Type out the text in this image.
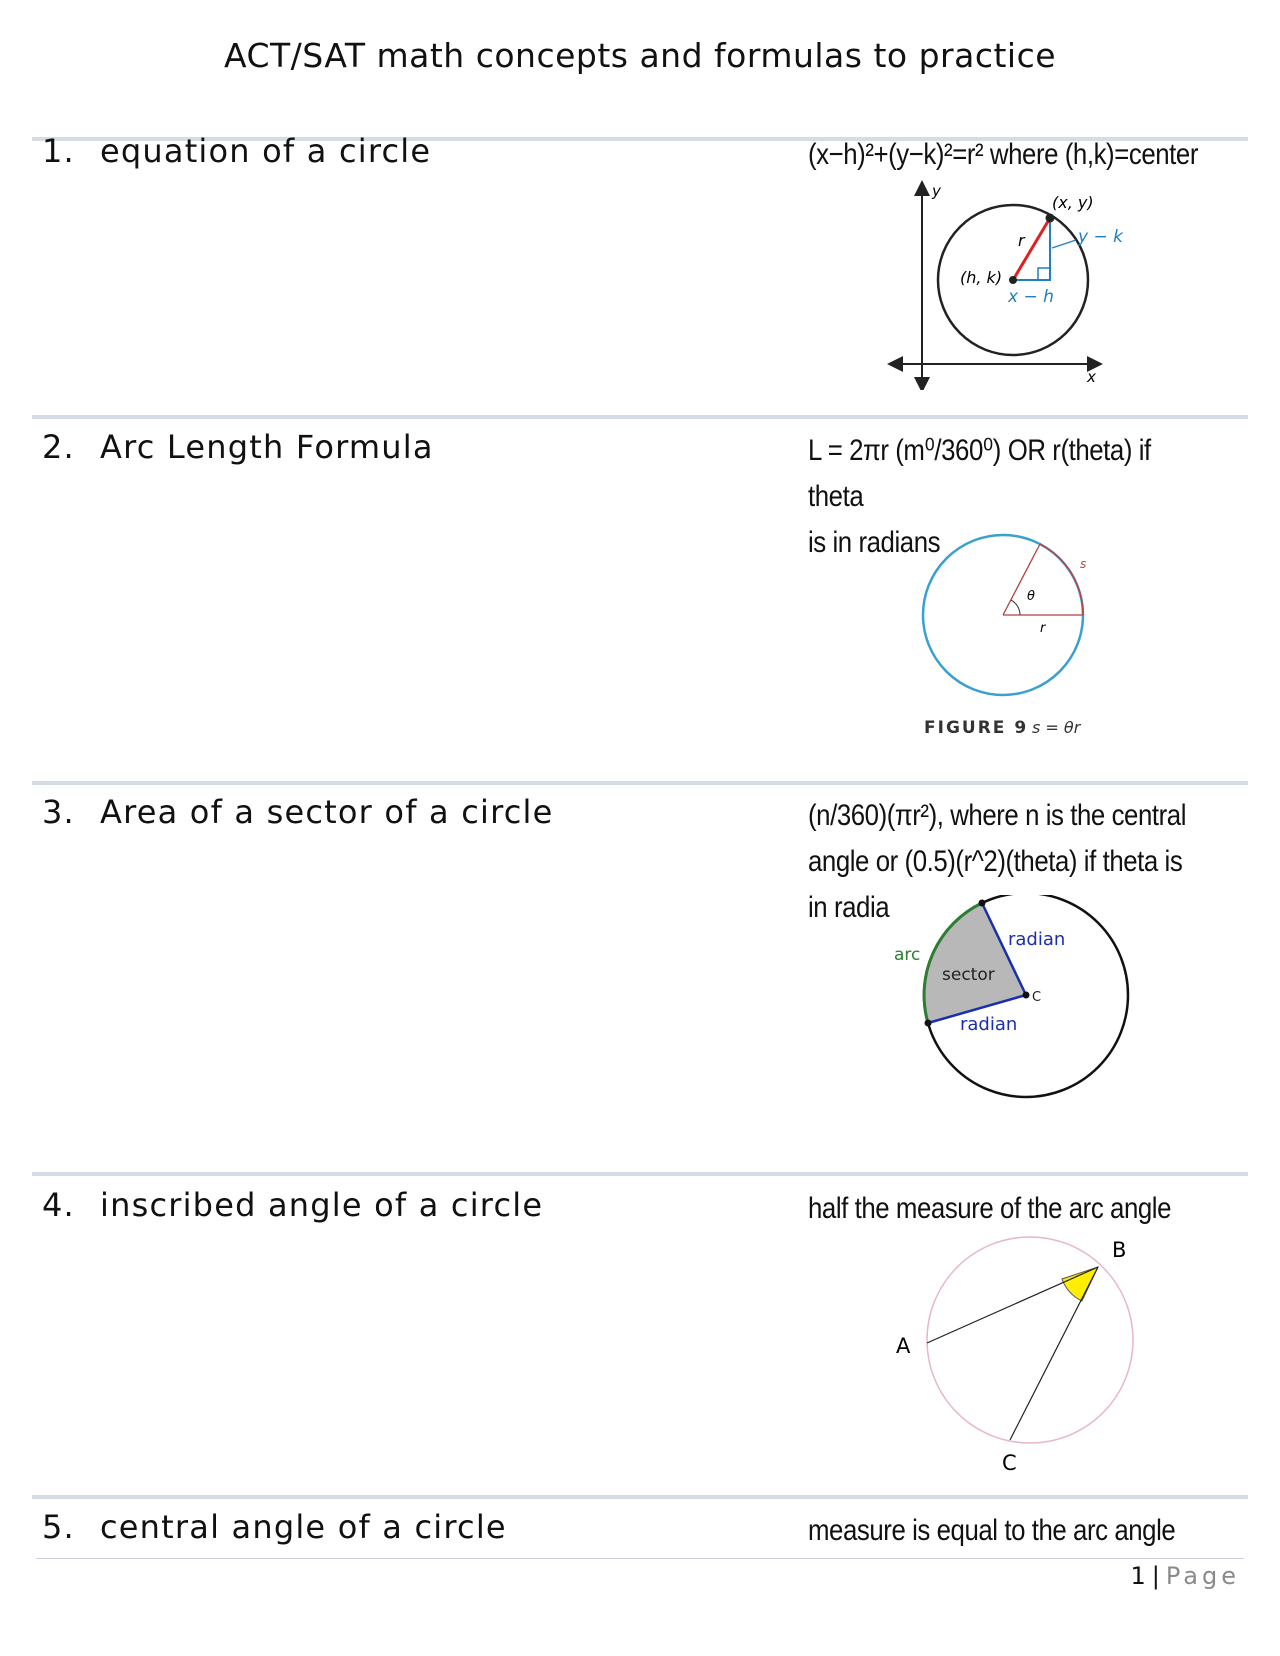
ACT/SAT math concepts and formulas to practice
1. equation of a circle	(x−h)²+(y−k)²=r² where (h,k)=center
y
x
(x, y)
(h, k)
r	y − k
x − h
2. Arc Length Formula	L = 2πr (m⁰/360⁰) OR r(theta) if theta
is in radians
θ
r
s
FIGURE 9 s = θr
3. Area of a sector of a circle	(n/360)(πr²), where n is the central
angle or (0.5)(r^2)(theta) if theta is
in radia
arc
sector
radian
radian
C
4. inscribed angle of a circle	half the measure of the arc angle
A
B
C
5. central angle of a circle	measure is equal to the arc angle
1 | Page
